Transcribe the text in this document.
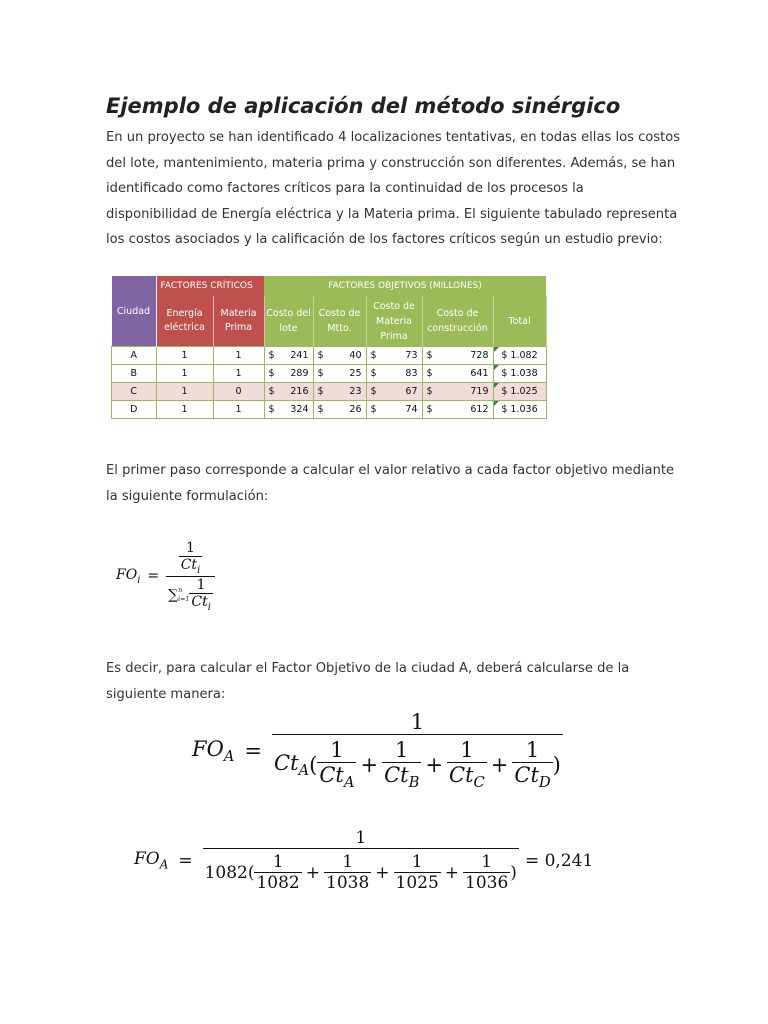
Ejemplo de aplicación del método sinérgico
En un proyecto se han identificado 4 localizaciones tentativas, en todas ellas los costos
del lote, mantenimiento, materia prima y construcción son diferentes. Además, se han
identificado como factores críticos para la continuidad de los procesos la
disponibilidad de Energía eléctrica y la Materia prima. El siguiente tabulado representa
los costos asociados y la calificación de los factores críticos según un estudio previo:
Ciudad	FACTORES CRÍTICOS		FACTORES OBJETIVOS (MILLONES)				
	Energía eléctrica	Materia Prima	Costo del lote	Costo de Mtto.	Costo de Materia Prima	Costo de construcción	Total
A	1	1	$ 241	$ 40	$ 73	$ 728	$ 1.082
B	1	1	$ 289	$ 25	$ 83	$ 641	$ 1.038
C	1	0	$ 216	$ 23	$ 67	$ 719	$ 1.025
D	1	1	$ 324	$ 26	$ 74	$ 612	$ 1.036
El primer paso corresponde a calcular el valor relativo a cada factor objetivo mediante
la siguiente formulación:
$FO_i = \frac{1}{Ct_i}$
∑ n
$i=1 \frac{1}{Ct_i}$
Es decir, para calcular el Factor Objetivo de la ciudad A, deberá calcularse de la
siguiente manera:
$FO_A$ =
1
$Ct_A$ ( $\frac{1}{Ct_A} + \frac{1}{Ct_B} + \frac{1}{Ct_C} + \frac{1}{Ct_D}$ )
$FO_A$ =
1
$1082( \frac{1}{1082} + \frac{1}{1038} + \frac{1}{1025} + \frac{1}{1036}$ )
= 0,241
